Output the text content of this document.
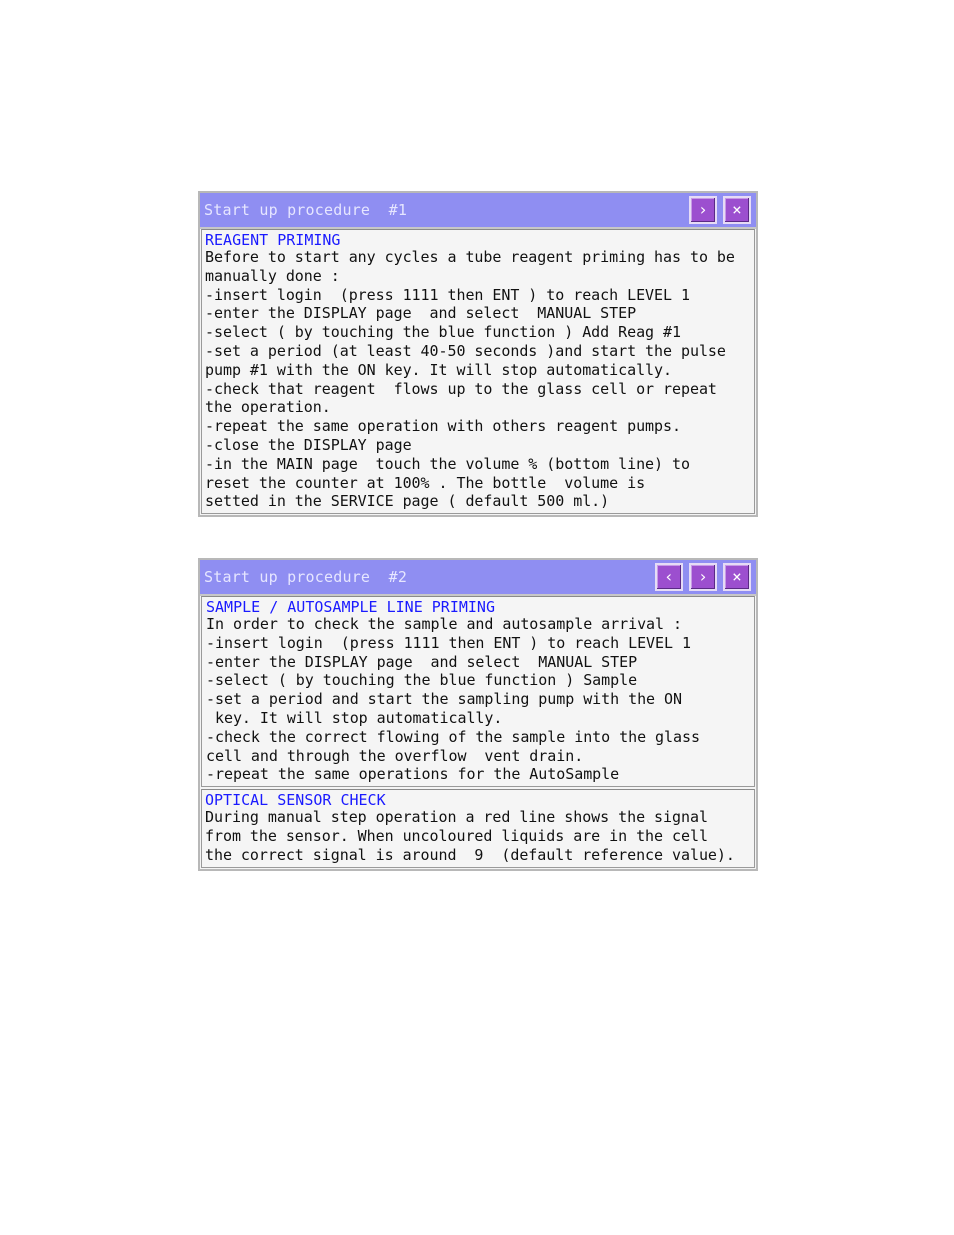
Start up procedure  #1	›	×
REAGENT PRIMING
Before to start any cycles a tube reagent priming has to be
manually done :
-insert login  (press 1111 then ENT ) to reach LEVEL 1
-enter the DISPLAY page  and select  MANUAL STEP
-select ( by touching the blue function ) Add Reag #1
-set a period (at least 40-50 seconds )and start the pulse
pump #1 with the ON key. It will stop automatically.
-check that reagent  flows up to the glass cell or repeat
the operation.
-repeat the same operation with others reagent pumps.
-close the DISPLAY page
-in the MAIN page  touch the volume % (bottom line) to
reset the counter at 100% . The bottle  volume is
setted in the SERVICE page ( default 500 ml.)
Start up procedure  #2	‹	›	×
SAMPLE / AUTOSAMPLE LINE PRIMING
In order to check the sample and autosample arrival :
-insert login  (press 1111 then ENT ) to reach LEVEL 1
-enter the DISPLAY page  and select  MANUAL STEP
-select ( by touching the blue function ) Sample
-set a period and start the sampling pump with the ON
key. It will stop automatically.
-check the correct flowing of the sample into the glass
cell and through the overflow  vent drain.
-repeat the same operations for the AutoSample
OPTICAL SENSOR CHECK
During manual step operation a red line shows the signal
from the sensor. When uncoloured liquids are in the cell
the correct signal is around  9  (default reference value).
